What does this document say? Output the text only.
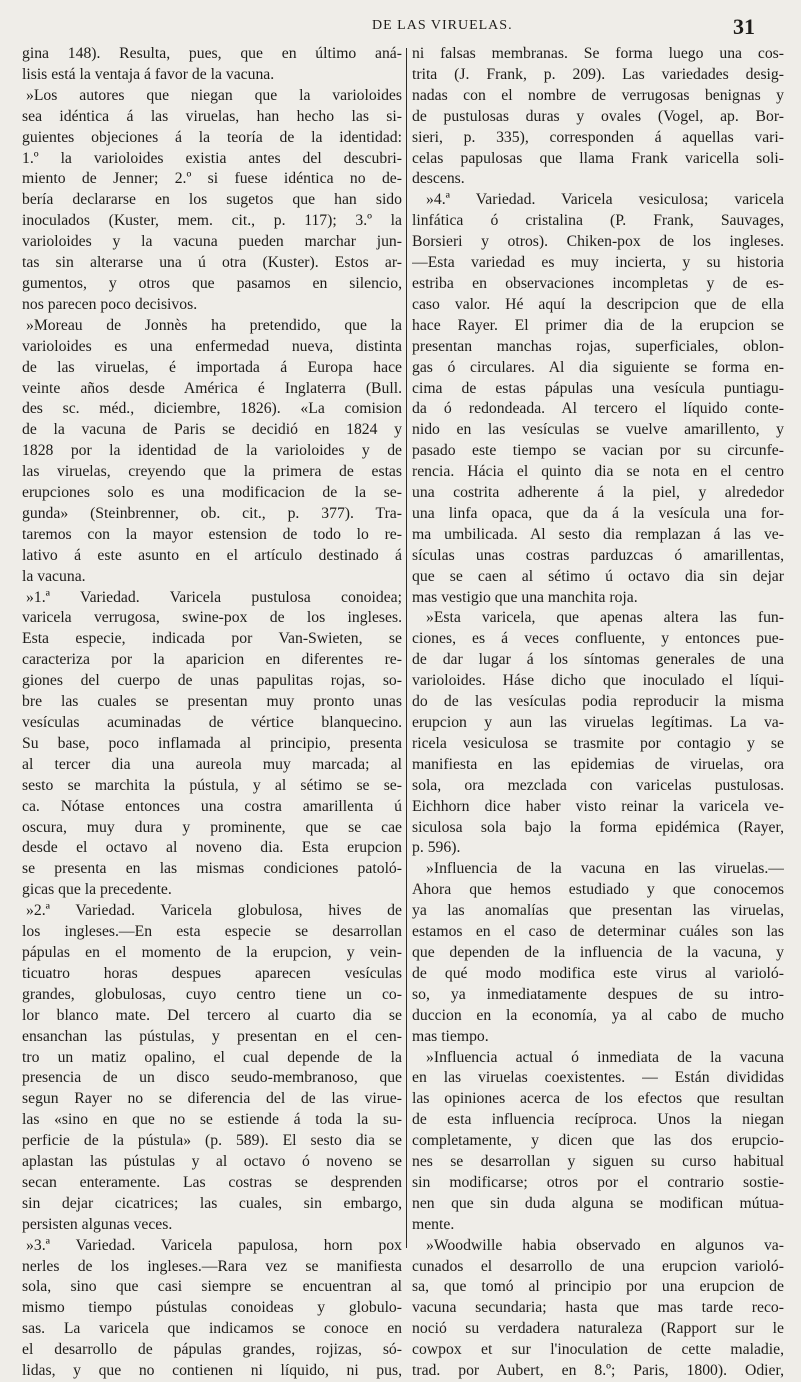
DE LAS VIRUELAS.	31
gina 148). Resulta, pues, que en último aná-
lisis está la ventaja á favor de la vacuna.
»Los autores que niegan que la varioloides
sea idéntica á las viruelas, han hecho las si-
guientes objeciones á la teoría de la identidad:
1.º la varioloides existia antes del descubri-
miento de Jenner; 2.º si fuese idéntica no de-
bería declararse en los sugetos que han sido
inoculados (Kuster, mem. cit., p. 117); 3.º la
varioloides y la vacuna pueden marchar jun-
tas sin alterarse una ú otra (Kuster). Estos ar-
gumentos, y otros que pasamos en silencio,
nos parecen poco decisivos.
»Moreau de Jonnès ha pretendido, que la
varioloides es una enfermedad nueva, distinta
de las viruelas, é importada á Europa hace
veinte años desde América é Inglaterra (Bull.
des sc. méd., diciembre, 1826). «La comision
de la vacuna de Paris se decidió en 1824 y
1828 por la identidad de la varioloides y de
las viruelas, creyendo que la primera de estas
erupciones solo es una modificacion de la se-
gunda» (Steinbrenner, ob. cit., p. 377). Tra-
taremos con la mayor estension de todo lo re-
lativo á este asunto en el artículo destinado á
la vacuna.
»1.ª Variedad. Varicela pustulosa conoidea;
varicela verrugosa, swine-pox de los ingleses.
Esta especie, indicada por Van-Swieten, se
caracteriza por la aparicion en diferentes re-
giones del cuerpo de unas papulitas rojas, so-
bre las cuales se presentan muy pronto unas
vesículas acuminadas de vértice blanquecino.
Su base, poco inflamada al principio, presenta
al tercer dia una aureola muy marcada; al
sesto se marchita la pústula, y al sétimo se se-
ca. Nótase entonces una costra amarillenta ú
oscura, muy dura y prominente, que se cae
desde el octavo al noveno dia. Esta erupcion
se presenta en las mismas condiciones patoló-
gicas que la precedente.
»2.ª Variedad. Varicela globulosa, hives de
los ingleses.—En esta especie se desarrollan
pápulas en el momento de la erupcion, y vein-
ticuatro horas despues aparecen vesículas
grandes, globulosas, cuyo centro tiene un co-
lor blanco mate. Del tercero al cuarto dia se
ensanchan las pústulas, y presentan en el cen-
tro un matiz opalino, el cual depende de la
presencia de un disco seudo-membranoso, que
segun Rayer no se diferencia del de las virue-
las «sino en que no se estiende á toda la su-
perficie de la pústula» (p. 589). El sesto dia se
aplastan las pústulas y al octavo ó noveno se
secan enteramente. Las costras se desprenden
sin dejar cicatrices; las cuales, sin embargo,
persisten algunas veces.
»3.ª Variedad. Varicela papulosa, horn pox
nerles de los ingleses.—Rara vez se manifiesta
sola, sino que casi siempre se encuentran al
mismo tiempo pústulas conoideas y globulo-
sas. La varicela que indicamos se conoce en
el desarrollo de pápulas grandes, rojizas, só-
lidas, y que no contienen ni líquido, ni pus,
ni falsas membranas. Se forma luego una cos-
trita (J. Frank, p. 209). Las variedades desig-
nadas con el nombre de verrugosas benignas y
de pustulosas duras y ovales (Vogel, ap. Bor-
sieri, p. 335), corresponden á aquellas vari-
celas papulosas que llama Frank varicella soli-
descens.
»4.ª Variedad. Varicela vesiculosa; varicela
linfática ó cristalina (P. Frank, Sauvages,
Borsieri y otros). Chiken-pox de los ingleses.
—Esta variedad es muy incierta, y su historia
estriba en observaciones incompletas y de es-
caso valor. Hé aquí la descripcion que de ella
hace Rayer. El primer dia de la erupcion se
presentan manchas rojas, superficiales, oblon-
gas ó circulares. Al dia siguiente se forma en-
cima de estas pápulas una vesícula puntiagu-
da ó redondeada. Al tercero el líquido conte-
nido en las vesículas se vuelve amarillento, y
pasado este tiempo se vacian por su circunfe-
rencia. Hácia el quinto dia se nota en el centro
una costrita adherente á la piel, y alrededor
una linfa opaca, que da á la vesícula una for-
ma umbilicada. Al sesto dia remplazan á las ve-
sículas unas costras parduzcas ó amarillentas,
que se caen al sétimo ú octavo dia sin dejar
mas vestigio que una manchita roja.
»Esta varicela, que apenas altera las fun-
ciones, es á veces confluente, y entonces pue-
de dar lugar á los síntomas generales de una
varioloides. Háse dicho que inoculado el líqui-
do de las vesículas podia reproducir la misma
erupcion y aun las viruelas legítimas. La va-
ricela vesiculosa se trasmite por contagio y se
manifiesta en las epidemias de viruelas, ora
sola, ora mezclada con varicelas pustulosas.
Eichhorn dice haber visto reinar la varicela ve-
siculosa sola bajo la forma epidémica (Rayer,
p. 596).
»Influencia de la vacuna en las viruelas.—
Ahora que hemos estudiado y que conocemos
ya las anomalías que presentan las viruelas,
estamos en el caso de determinar cuáles son las
que dependen de la influencia de la vacuna, y
de qué modo modifica este virus al varioló-
so, ya inmediatamente despues de su intro-
duccion en la economía, ya al cabo de mucho
mas tiempo.
»Influencia actual ó inmediata de la vacuna
en las viruelas coexistentes. — Están divididas
las opiniones acerca de los efectos que resultan
de esta influencia recíproca. Unos la niegan
completamente, y dicen que las dos erupcio-
nes se desarrollan y siguen su curso habitual
sin modificarse; otros por el contrario sostie-
nen que sin duda alguna se modifican mútua-
mente.
»Woodwille habia observado en algunos va-
cunados el desarrollo de una erupcion varioló-
sa, que tomó al principio por una erupcion de
vacuna secundaria; hasta que mas tarde reco-
noció su verdadera naturaleza (Rapport sur le
cowpox et sur l'inoculation de cette maladie,
trad. por Aubert, en 8.º; Paris, 1800). Odier,
